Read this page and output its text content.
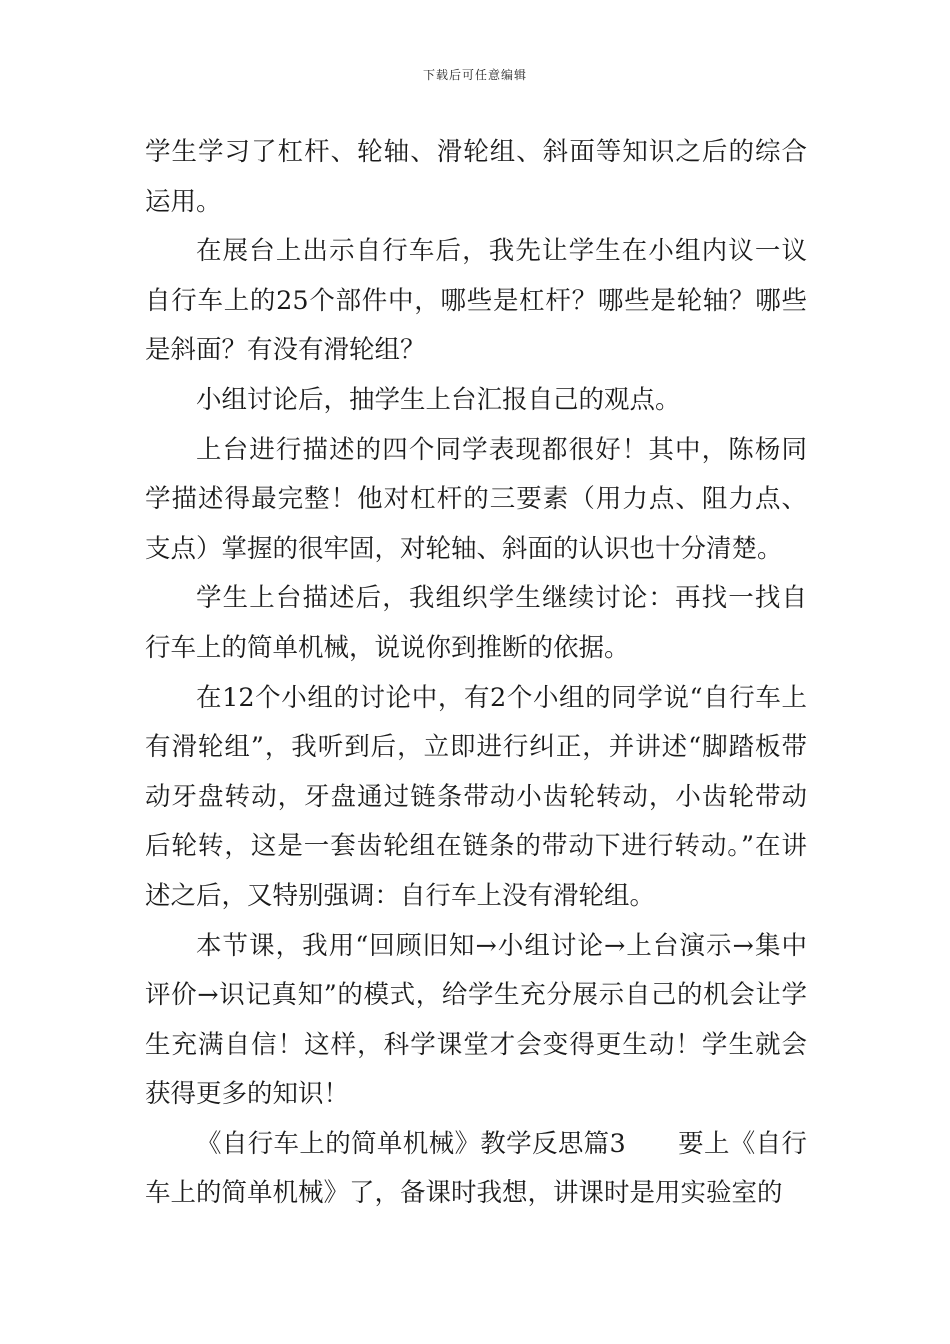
下载后可任意编辑

学生学习了杠杆、轮轴、滑轮组、斜面等知识之后的综合运用。

在展台上出示自行车后，我先让学生在小组内议一议自行车上的25个部件中，哪些是杠杆？哪些是轮轴？哪些是斜面？有没有滑轮组？

小组讨论后，抽学生上台汇报自己的观点。

上台进行描述的四个同学表现都很好！其中，陈杨同学描述得最完整！他对杠杆的三要素（用力点、阻力点、支点）掌握的很牢固，对轮轴、斜面的认识也十分清楚。

学生上台描述后，我组织学生继续讨论：再找一找自行车上的简单机械，说说你到推断的依据。

在12个小组的讨论中，有2个小组的同学说“自行车上有滑轮组”，我听到后，立即进行纠正，并讲述“脚踏板带动牙盘转动，牙盘通过链条带动小齿轮转动，小齿轮带动后轮转，这是一套齿轮组在链条的带动下进行转动。”在讲述之后，又特别强调：自行车上没有滑轮组。

本节课，我用“回顾旧知→小组讨论→上台演示→集中评价→识记真知”的模式，给学生充分展示自己的机会让学生充满自信！这样，科学课堂才会变得更生动！学生就会获得更多的知识！

《自行车上的简单机械》教学反思篇3 要上《自行车上的简单机械》了，备课时我想，讲课时是用实验室的
